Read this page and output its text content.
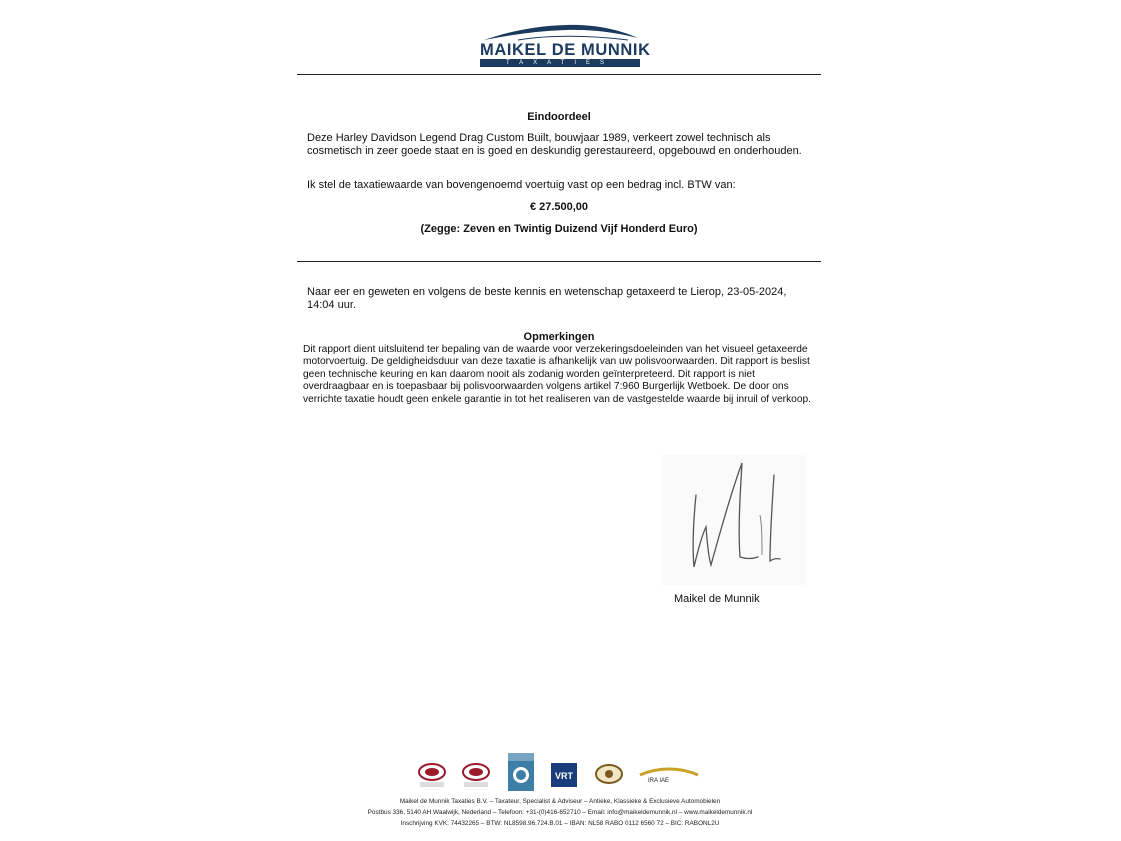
MAIKEL DE MUNNIK
TAXATIES
Eindoordeel
Deze Harley Davidson Legend Drag Custom Built, bouwjaar 1989, verkeert zowel technisch als cosmetisch in zeer goede staat en is goed en deskundig gerestaureerd, opgebouwd en onderhouden.
Ik stel de taxatiewaarde van bovengenoemd voertuig vast op een bedrag incl. BTW van:
€ 27.500,00
(Zegge: Zeven en Twintig Duizend Vijf Honderd Euro)
Naar eer en geweten en volgens de beste kennis en wetenschap getaxeerd te Lierop, 23-05-2024, 14:04 uur.
Opmerkingen
Dit rapport dient uitsluitend ter bepaling van de waarde voor verzekeringsdoeleinden van het visueel getaxeerde motorvoertuig. De geldigheidsduur van deze taxatie is afhankelijk van uw polisvoorwaarden. Dit rapport is beslist geen technische keuring en kan daarom nooit als zodanig worden geïnterpreteerd. Dit rapport is niet overdraagbaar en is toepasbaar bij polisvoorwaarden volgens artikel 7:960 Burgerlijk Wetboek. De door ons verrichte taxatie houdt geen enkele garantie in tot het realiseren van de vastgestelde waarde bij inruil of verkoop.
Maikel de Munnik
VRT	IRA IAE
Maikel de Munnik Taxaties B.V. – Taxateur, Specialist & Adviseur – Antieke, Klassieke & Exclusieve Automobielen
Postbus 336, 5140 AH Waalwijk, Nederland – Telefoon: +31-(0)416-652710 – Email: info@maikeldemunnik.nl – www.maikeldemunnik.nl
Inschrijving KVK: 74432265 – BTW: NL8598.96.724.B.01 – IBAN: NL58 RABO 0112 6560 72 – BIC: RABONL2U
